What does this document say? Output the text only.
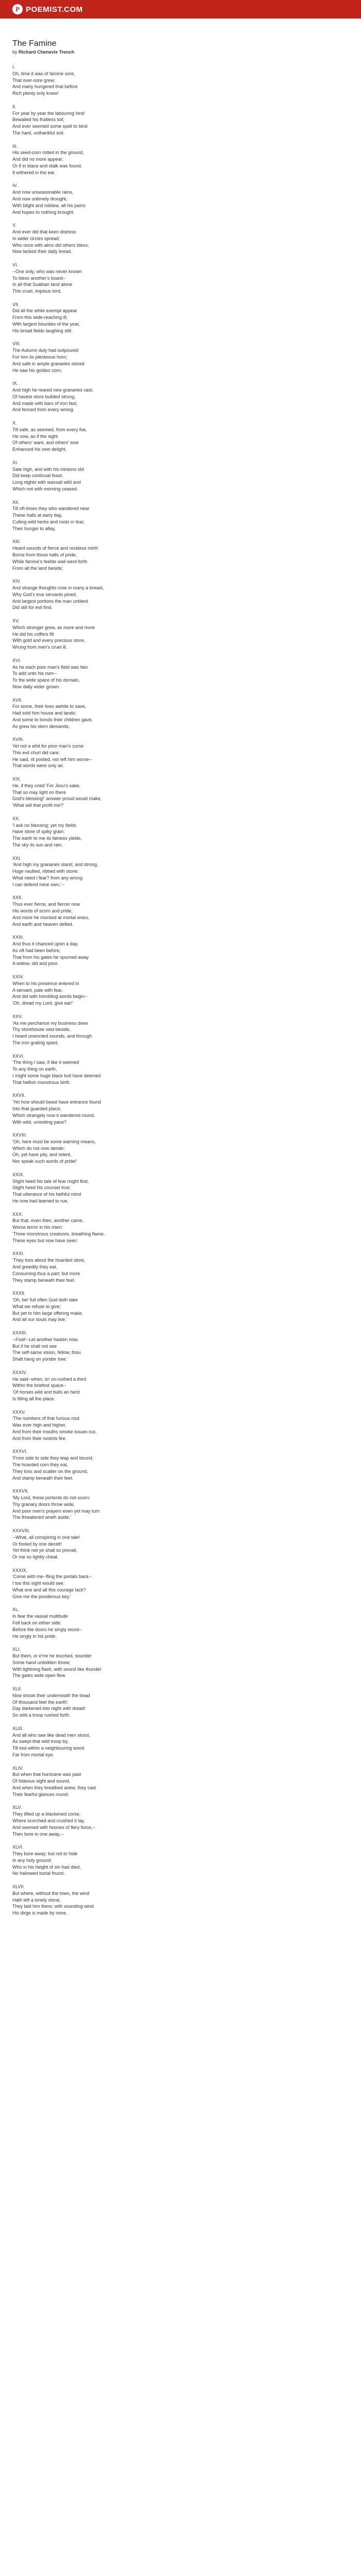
P POEMIST.COM
The Famine
by Richard Chenevix Trench
I.
Oh, time it was of famine sore,
That over-sore grew;
And many hungered that before
Rich plenty only knew!
II.
For year by year the labouring hind
Bewailed his fruitless toil;
And ever seemed some spell to bind
The hard, unthankful soil.
III.
His seed-corn rotted in the ground,
And did no more appear;
Or if in blace and stalk was found,
It withered in the ear.
IV.
And now unseasonable rains,
And now untimely drought,
With blight and mildew, all his pains
And hopes to nothing brought.
V.
And ever did that keen distress
In wider circles spread;
Who once with alms did others bless,
Now lacked their daily bread.
VI.
--One only, who was never known
To bless another's board--
In all that Suabian land alone
This cruel, impious lord,
VII.
Did all the while exempt appear
From this wide-reaching ill;
With largest bounties of the year,
His broad fields laughing still.
VIII.
The Autumn duly had outpoured
For him its plenteous horn;
And safe in ample granaries stored
He saw his golden corn;
IX.
And high he reared new granaries vast,
Of havest store builded strong,
And made with bars of iron fast,
And fenced from every wrong.
X.
Till safe, as seemed, from every foe,
He now, as if the sight
Of others' want, and others' woe
Enhanced his own delight,
XI.
Sate high, and with his minions old
Did keep continual feast,
Long nights with wassail wild and
Which not with morning ceased.
XII.
Till oft-times they who wandered near
These halls at early day,
Culling wild herbs and roots in fear,
Their hunger to allay,
XIII.
Heard sounds of fierce and reckless mirth
Borne from those halls of pride,
While famine's feeble wail went forth
From all the land beside;
XIV.
And strange thoughts rose in many a breast,
Why God's true servants pined,
And largest portions the man unblest
Did still for evil find,
XV.
Which stronger grew, as more and more
He did his coffers fill
With gold and every precious store,
Wrung from men's cruel ill.
XVI.
As he each poor man's field was fain
To add unto his own--
To the wide space of his domain,
Now daily wider grown.
XVII.
For some, their lives awhile to save,
Had sold him house and lands;
And some to bonds their children gave,
As grew his stern demands;
XVIII.
Yet not a whit for poor man's curse
This evil churl did care;
He said, rit posted, nor left him worse--
That words were only air.
XIX.
He, if they cried 'For Jesu's sake,
That so may light on there
God's blessing!' answer proud would make,
'What will that profit me?'
XX.
'I ask no blessing; yet my fields
Have store of spiky grain:
The earth to me its fatness yields,
The sky its sun and rain.
XXI.
'And high my granaries stand, and strong,
Huge vaulted, ribbed with stone:
What need I fear? from any wrong
I can defend mine own,'--
XXII.
Thus ever fierce, and fiercer now
His words of scorn and pride;
And more he mocked at mortal woes,
And earth and heaven defied.
XXIII.
And thus it chanced upon a day,
As oft had been before,
That from his gates he spurned away
A widow, old and poor.
XXIV.
When to his presence entered in
A servant, pale with fear,
And did with trembling words begin--
'Oh, dread my Lord, give ear!'
XXV.
'As me perchance my business drew
Thy storehouse vast beside,
I heard unwonted sounds, and through
The iron grating spied.
XXVI.
'The thing I saw, if like it seemed
To any thing on earth,
I might some huge black bull have deemed
That hellish monstrous birth.
XXVII.
'Yet how should beast have entrance found
Into that guarded place,
Which strangely now it wandered round,
With wild, unresting pace?
XXVIII.
'Oh, here must be some warning means,
Which do not now deride;
Oh, yet have pity, and relent,
Nor speak such words of pride!'
XXIX.
Slight heed his tale of fear might find,
Slight heed his counsel true;
That utterance of his faithful mind
He now had learned to rue,
XXX.
But that, even then, another came,
Worse terror in his mien:
'Three monstrous creatures, breathing flame,
These eyes but now have seen:
XXXI.
'They toss about the hoarded store,
And greedily they eat,
Consuming thus a part; but more
They stamp beneath their feet.
XXXII.
'Oh, be! full often God doth take
What we refuse to give;
But yet to him large offering make,
And all our souls may live.'
XXXIII.
--Fool!--Let another hasten now,
But if he shall not see
The self-same vision, fellow, thou
Shalt hang on yonder tree.'
XXXIV.
He said--when, lo! on-rushed a third
Within the briefest space--
'Of horses wild and bulls an herd
Is filling all the place.
XXXV.
'The numbers of that furious rout
Wax ever high and higher,
And from their mouths smoke issues out,
And from their nostrils fire.
XXXVI.
'From side to side they leap and bound,
The hoarded corn they eat,
They toss and scatter on the ground,
And stamp beneath their feet.
XXXVII.
'My Lord, these portents do not scorn:
Thy granary doors throw wide,
And poor men's prayers even yet may turn
The threatened wrath aside.'
XXXVIII.
--What, all conspiring in one tale!
Or fooled by one deceit!
Yet think not ye shall so prevail,
Or me so lightly cheat.
XXXIX.
'Come with me--fling the portals back--
I too this sight would see:
What one and all this courage lack?
Give me the ponderous key.'
XL.
In fear the vassal multitude
Fell back on either side:
Before the doors he singly stood--
He singly in his pride.
XLI.
But them, or e'rre he touched, sounder
Some hand unbidden threw;
With lightning flash, with sound like thunder
The gates wide open flew.
XLII.
Now shook their underneath the tread
Of thousand feet the earth!
Day darkened into night with dread!
So wild a troop rushed forth.
XLIII.
And all who saw like dead men stood,
As swept that wild troop by,
Till lost within a neighbouring wood
Far from mortal eye.
XLIV.
But when that hurricane was past
Of hideous sight and sound,
And when they breathed anew, they cast
Their fearful glances round:
XLV.
They lifted up a blackened corse,
Where scorched and crushed it lay,
And seemed with hooves of fiery force,--
Then bore in one away,--
XLVI.
They bore away; but not to hide
In any holy ground;
Who in his height of sin had died,
No hallowed burial found.
XLVII.
But where, without the town, the wind
Hath left a lonely stone,
They laid him there; with sounding wind
His dirge is made by none.
